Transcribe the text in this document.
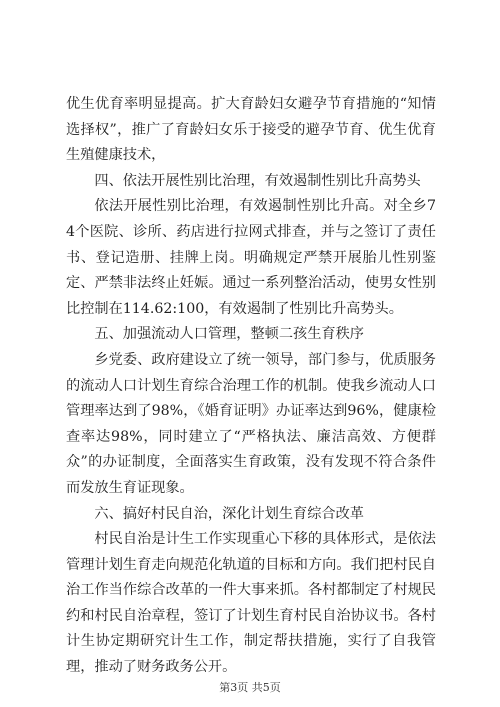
优生优育率明显提高。扩大育龄妇女避孕节育措施的“知情选择权”，推广了育龄妇女乐于接受的避孕节育、优生优育生殖健康技术，

四、依法开展性别比治理，有效遏制性别比升高势头

依法开展性别比治理，有效遏制性别比升高。对全乡74个医院、诊所、药店进行拉网式排查，并与之签订了责任书、登记造册、挂牌上岗。明确规定严禁开展胎儿性别鉴定、严禁非法终止妊娠。通过一系列整治活动，使男女性别比控制在114.62:100，有效遏制了性别比升高势头。

五、加强流动人口管理，整顿二孩生育秩序

乡党委、政府建设立了统一领导，部门参与，优质服务的流动人口计划生育综合治理工作的机制。使我乡流动人口管理率达到了98%，《婚育证明》办证率达到96%，健康检查率达98%，同时建立了“严格执法、廉洁高效、方便群众”的办证制度，全面落实生育政策，没有发现不符合条件而发放生育证现象。

六、搞好村民自治，深化计划生育综合改革

村民自治是计生工作实现重心下移的具体形式，是依法管理计划生育走向规范化轨道的目标和方向。我们把村民自治工作当作综合改革的一件大事来抓。各村都制定了村规民约和村民自治章程，签订了计划生育村民自治协议书。各村计生协定期研究计生工作，制定帮扶措施，实行了自我管理，推动了财务政务公开。

第3页 共5页
